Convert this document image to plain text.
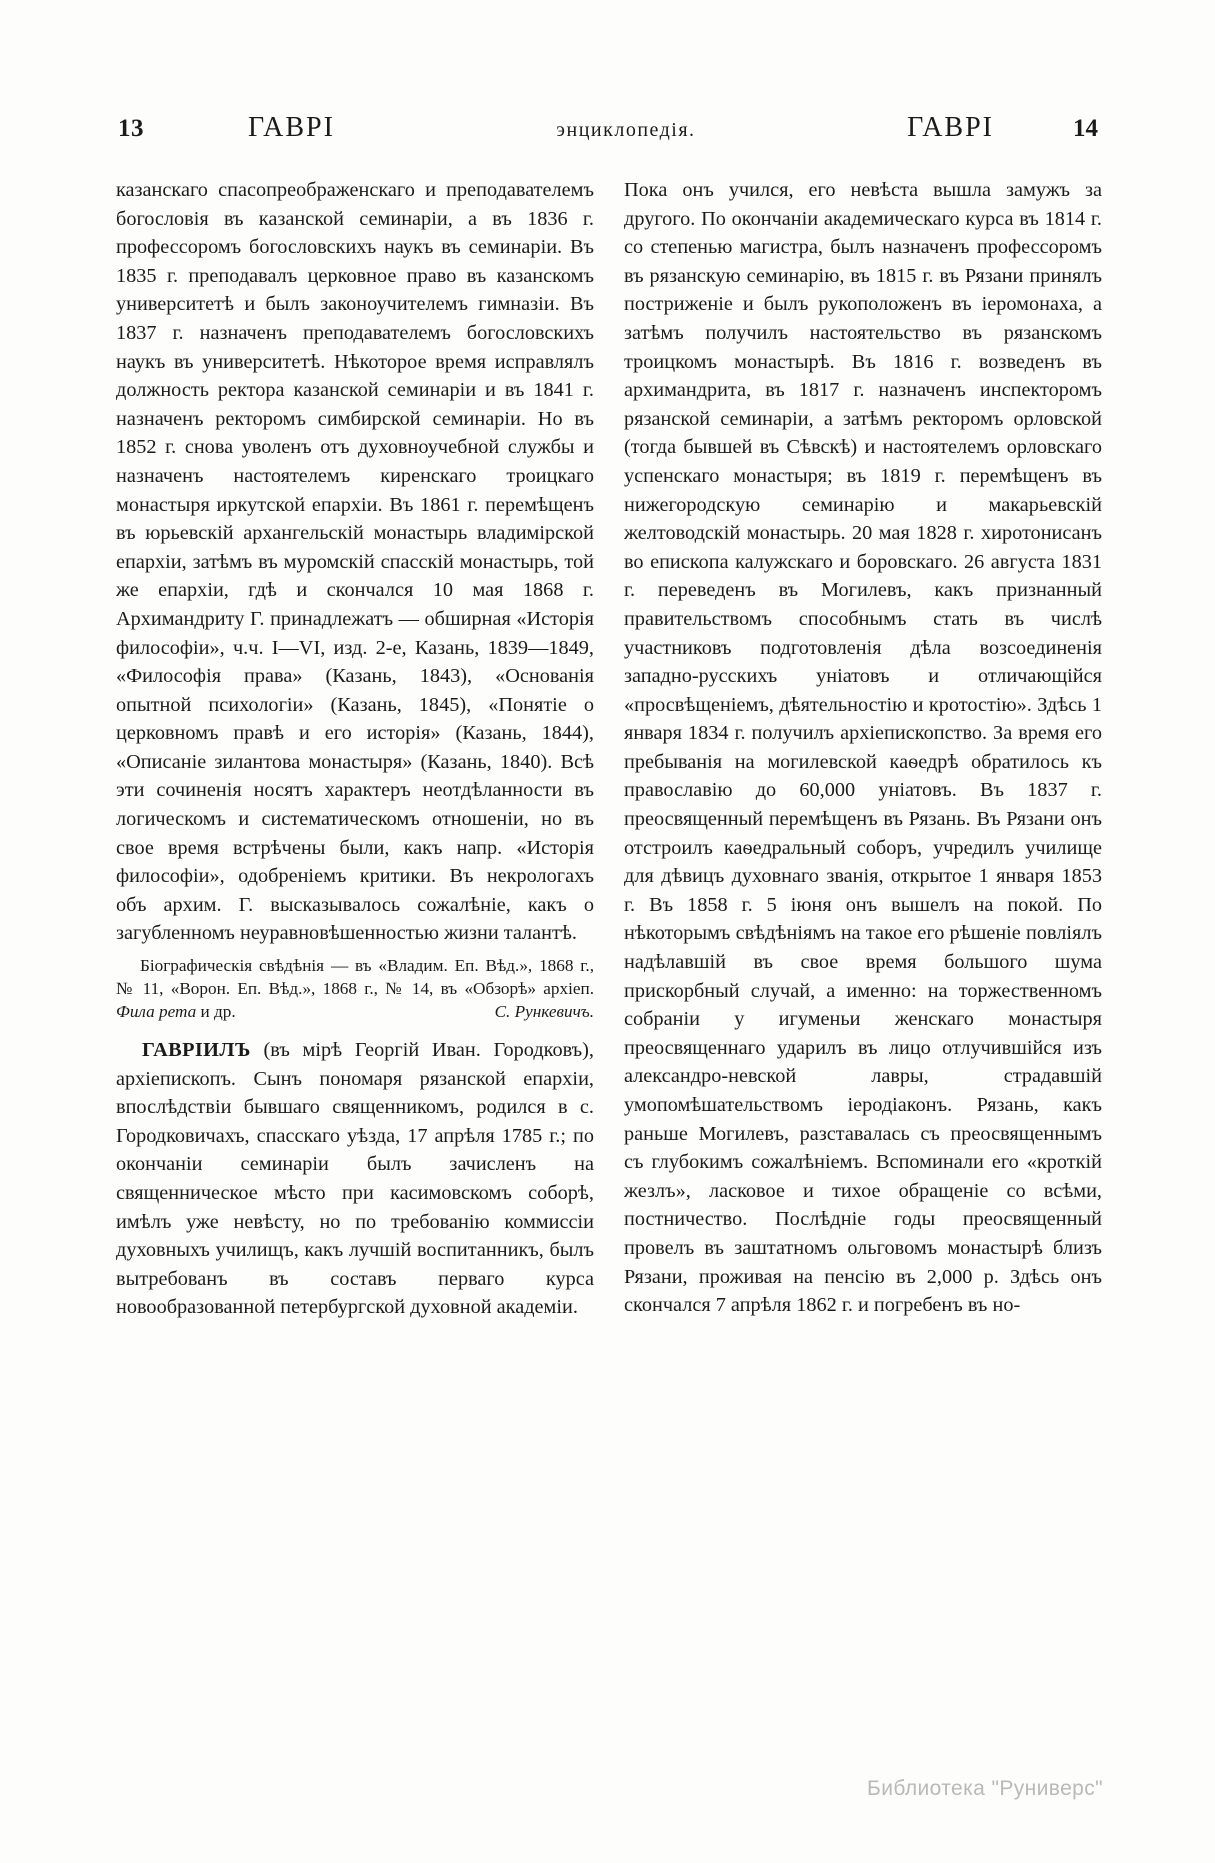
13	ГАВРІ	энциклопедія.	ГАВРІ	14

казанскаго спасопреображенскаго и преподавателемъ богословія въ казанской семинаріи, а въ 1836 г. профессоромъ богословскихъ наукъ въ семинаріи. Въ 1835 г. преподавалъ церковное право въ казанскомъ университетѣ и былъ законоучителемъ гимназіи. Въ 1837 г. назначенъ преподавателемъ богословскихъ наукъ въ университетѣ. Нѣкоторое время исправлялъ должность ректора казанской семинаріи и въ 1841 г. назначенъ ректоромъ симбирской семинаріи. Но въ 1852 г. снова уволенъ отъ духовноучебной службы и назначенъ настоятелемъ киренскаго троицкаго монастыря иркутской епархіи. Въ 1861 г. перемѣщенъ въ юрьевскій архангельскій монастырь владимірской епархіи, затѣмъ въ муромскій спасскій монастырь, той же епархіи, гдѣ и скончался 10 мая 1868 г. Архимандриту Г. принадлежатъ — обширная «Исторія философіи», ч.ч. I—VI, изд. 2-е, Казань, 1839—1849, «Философія права» (Казань, 1843), «Основанія опытной психологіи» (Казань, 1845), «Понятіе о церковномъ правѣ и его исторія» (Казань, 1844), «Описаніе зилантова монастыря» (Казань, 1840). Всѣ эти сочиненія носятъ характеръ неотдѣланности въ логическомъ и систематическомъ отношеніи, но въ свое время встрѣчены были, какъ напр. «Исторія философіи», одобреніемъ критики. Въ некрологахъ объ архим. Г. высказывалось сожалѣніе, какъ о загубленномъ неуравновѣшенностью жизни талантѣ.

Біографическія свѣдѣнія — въ «Владим. Еп. Вѣд.», 1868 г., № 11, «Ворон. Еп. Вѣд.», 1868 г., № 14, въ «Обзорѣ» архіеп. Фила рета и др.	С. Рункевичъ.

ГАВРІИЛЪ (въ мірѣ Георгій Иван. Городковъ), архіепископъ. Сынъ пономаря рязанской епархіи, впослѣдствіи бывшаго священникомъ, родился в с. Городковичахъ, спасскаго уѣзда, 17 апрѣля 1785 г.; по окончаніи семинаріи былъ зачисленъ на священническое мѣсто при касимовскомъ соборѣ, имѣлъ уже невѣсту, но по требованію коммиссіи духовныхъ училищъ, какъ лучшій воспитанникъ, былъ вытребованъ въ составъ перваго курса новообразованной петербургской духовной академіи.

Пока онъ учился, его невѣста вышла замужъ за другого. По окончаніи академическаго курса въ 1814 г. со степенью магистра, былъ назначенъ профессоромъ въ рязанскую семинарію, въ 1815 г. въ Рязани принялъ постриженіе и былъ рукоположенъ въ іеромонаха, а затѣмъ получилъ настоятельство въ рязанскомъ троицкомъ монастырѣ. Въ 1816 г. возведенъ въ архимандрита, въ 1817 г. назначенъ инспекторомъ рязанской семинаріи, а затѣмъ ректоромъ орловской (тогда бывшей въ Сѣвскѣ) и настоятелемъ орловскаго успенскаго монастыря; въ 1819 г. перемѣщенъ въ нижегородскую семинарію и макарьевскій желтоводскій монастырь. 20 мая 1828 г. хиротонисанъ во епископа калужскаго и боровскаго. 26 августа 1831 г. переведенъ въ Могилевъ, какъ признанный правительствомъ способнымъ стать въ числѣ участниковъ подготовленія дѣла возсоединенія западно-русскихъ уніатовъ и отличающійся «просвѣщеніемъ, дѣятельностію и кротостію». Здѣсь 1 января 1834 г. получилъ архіепископство. За время его пребыванія на могилевской каѳедрѣ обратилось къ православію до 60,000 уніатовъ. Въ 1837 г. преосвященный перемѣщенъ въ Рязань. Въ Рязани онъ отстроилъ каѳедральный соборъ, учредилъ училище для дѣвицъ духовнаго званія, открытое 1 января 1853 г. Въ 1858 г. 5 іюня онъ вышелъ на покой. По нѣкоторымъ свѣдѣніямъ на такое его рѣшеніе повліялъ надѣлавшій въ свое время большого шума прискорбный случай, а именно: на торжественномъ собраніи у игуменьи женскаго монастыря преосвященнаго ударилъ въ лицо отлучившійся изъ александро-невской лавры, страдавшій умопомѣшательствомъ іеродіаконъ. Рязань, какъ раньше Могилевъ, разставалась съ преосвященнымъ съ глубокимъ сожалѣніемъ. Вспоминали его «кроткій жезлъ», ласковое и тихое обращеніе со всѣми, постничество. Послѣдніе годы преосвященный провелъ въ заштатномъ ольговомъ монастырѣ близъ Рязани, проживая на пенсію въ 2,000 р. Здѣсь онъ скончался 7 апрѣля 1862 г. и погребенъ въ но-

Библиотека "Руниверс"
